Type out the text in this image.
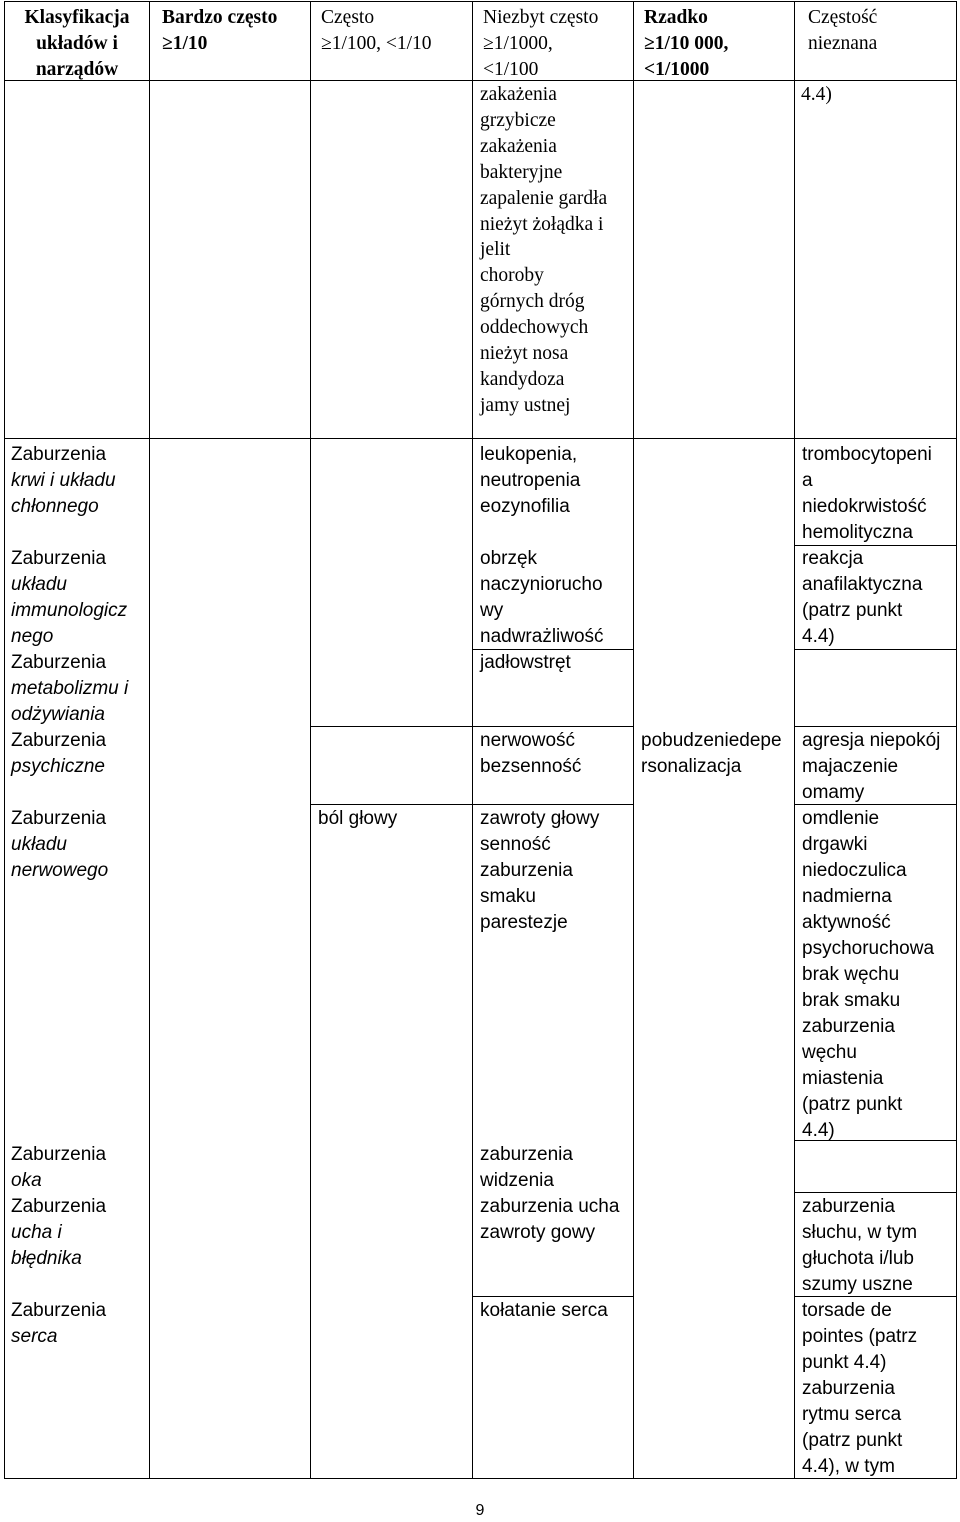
Klasyfikacja
układów i
narządów
Bardzo często
≥1/10
Często
≥1/100, <1/10
Niezbyt często
≥1/1000,
<1/100
Rzadko
≥1/10 000,
<1/1000
Częstość
nieznana
zakażenia
grzybicze
zakażenia
bakteryjne
zapalenie gardła
nieżyt żołądka i
jelit
choroby
górnych dróg
oddechowych
nieżyt nosa
kandydoza
jamy ustnej
4.4)
Zaburzenia
krwi i układu
chłonnego
Zaburzenia
układu
immunologicz
nego
Zaburzenia
metabolizmu i
odżywiania
Zaburzenia
psychiczne
Zaburzenia
układu
nerwowego
Zaburzenia
oka
Zaburzenia
ucha i
błędnika
Zaburzenia
serca
leukopenia,
neutropenia
eozynofilia
trombocytopeni
a
niedokrwistość
hemolityczna
obrzęk
naczyniorucho
wy
nadwrażliwość
reakcja
anafilaktyczna
(patrz punkt
4.4)
jadłowstręt
nerwowość
bezsenność
pobudzeniedepe
rsonalizacja
agresja niepokój
majaczenie
omamy
ból głowy	zawroty głowy
senność
zaburzenia
smaku
parestezje
omdlenie
drgawki
niedoczulica
nadmierna
aktywność
psychoruchowa
brak węchu
brak smaku
zaburzenia
węchu
miastenia
(patrz punkt
4.4)
zaburzenia
widzenia
zaburzenia ucha
zawroty gowy
zaburzenia
słuchu, w tym
głuchota i/lub
szumy uszne
kołatanie serca	torsade de
pointes (patrz
punkt 4.4)
zaburzenia
rytmu serca
(patrz punkt
4.4), w tym
9
